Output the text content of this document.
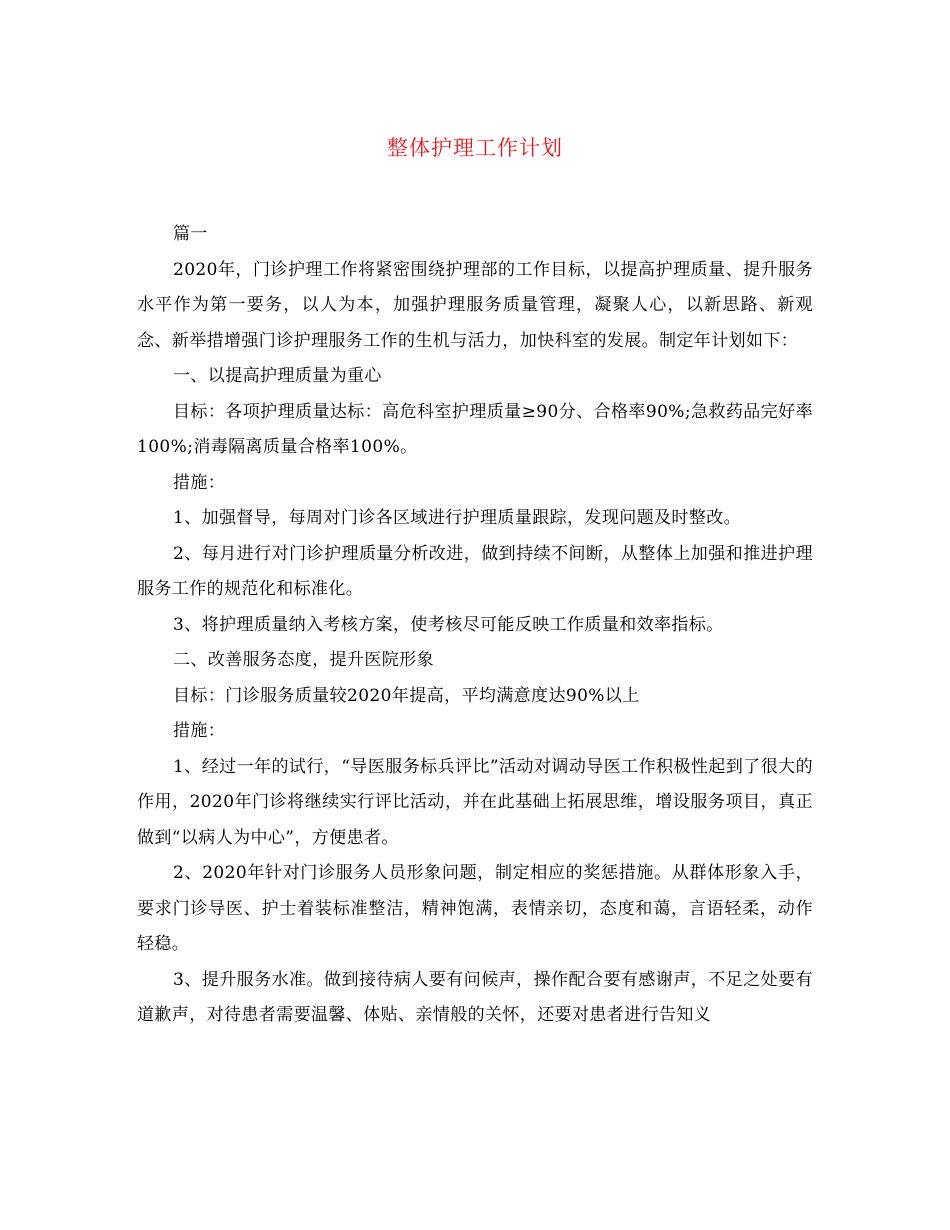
整体护理工作计划

篇一

2020年，门诊护理工作将紧密围绕护理部的工作目标，以提高护理质量、提升服务水平作为第一要务，以人为本，加强护理服务质量管理，凝聚人心，以新思路、新观念、新举措增强门诊护理服务工作的生机与活力，加快科室的发展。制定年计划如下：

一、以提高护理质量为重心

目标：各项护理质量达标：高危科室护理质量≥90分、合格率90%;急救药品完好率100%;消毒隔离质量合格率100%。

措施：

1、加强督导，每周对门诊各区域进行护理质量跟踪，发现问题及时整改。

2、每月进行对门诊护理质量分析改进，做到持续不间断，从整体上加强和推进护理服务工作的规范化和标准化。

3、将护理质量纳入考核方案，使考核尽可能反映工作质量和效率指标。

二、改善服务态度，提升医院形象

目标：门诊服务质量较2020年提高，平均满意度达90%以上

措施：

1、经过一年的试行，“导医服务标兵评比”活动对调动导医工作积极性起到了很大的作用，2020年门诊将继续实行评比活动，并在此基础上拓展思维，增设服务项目，真正做到“以病人为中心”，方便患者。

2、2020年针对门诊服务人员形象问题，制定相应的奖惩措施。从群体形象入手，要求门诊导医、护士着装标准整洁，精神饱满，表情亲切，态度和蔼，言语轻柔，动作轻稳。

3、提升服务水准。做到接待病人要有问候声，操作配合要有感谢声，不足之处要有道歉声，对待患者需要温馨、体贴、亲情般的关怀，还要对患者进行告知义
